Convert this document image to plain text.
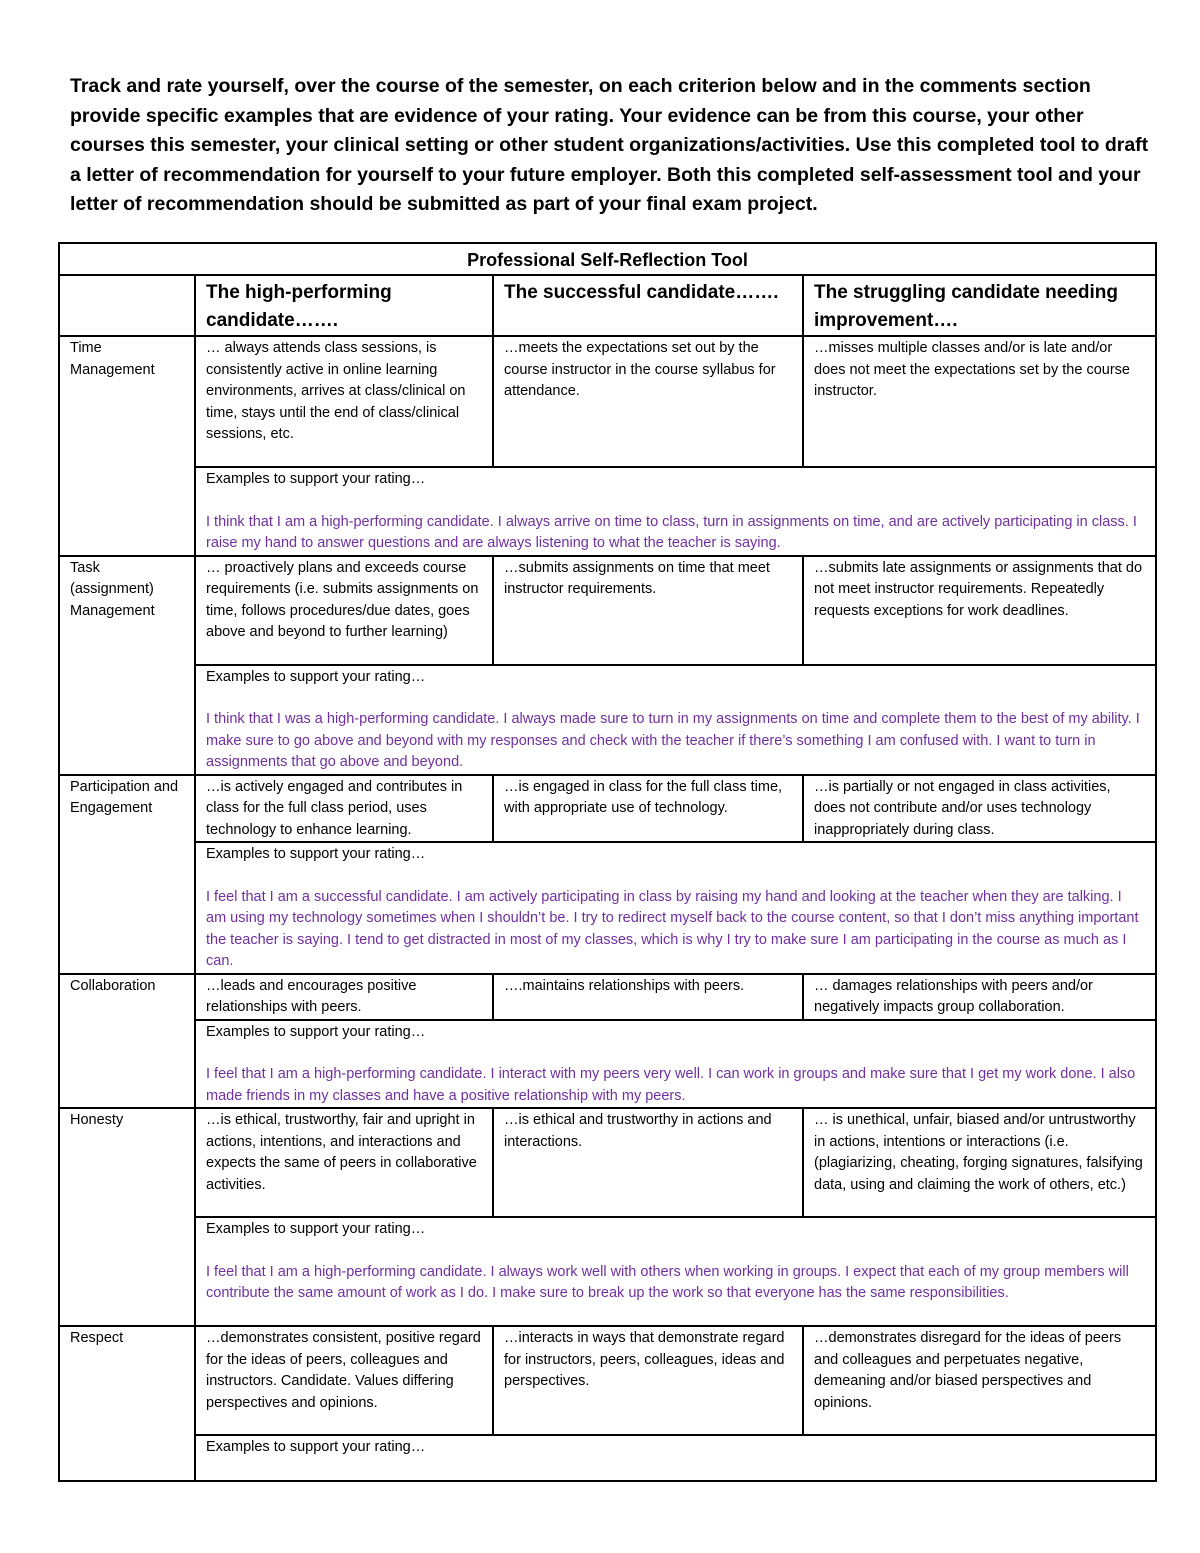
Track and rate yourself, over the course of the semester, on each criterion below and in the comments section provide specific examples that are evidence of your rating. Your evidence can be from this course, your other courses this semester, your clinical setting or other student organizations/activities. Use this completed tool to draft a letter of recommendation for yourself to your future employer. Both this completed self-assessment tool and your letter of recommendation should be submitted as part of your final exam project.

Professional Self-Reflection Tool			
	The high-performing candidate…….	The successful candidate…….	The struggling candidate needing improvement….
Time Management	… always attends class sessions, is consistently active in online learning environments, arrives at class/clinical on time, stays until the end of class/clinical sessions, etc.	…meets the expectations set out by the course instructor in the course syllabus for attendance.	…misses multiple classes and/or is late and/or does not meet the expectations set by the course instructor.

	Examples to support your rating…
I think that I am a high-performing candidate. I always arrive on time to class, turn in assignments on time, and are actively participating in class. I raise my hand to answer questions and are always listening to what the teacher is saying.		

Task (assignment) Management	… proactively plans and exceeds course requirements (i.e. submits assignments on time, follows procedures/due dates, goes above and beyond to further learning)	…submits assignments on time that meet instructor requirements.	…submits late assignments or assignments that do not meet instructor requirements. Repeatedly requests exceptions for work deadlines.

	Examples to support your rating…
I think that I was a high-performing candidate. I always made sure to turn in my assignments on time and complete them to the best of my ability. I make sure to go above and beyond with my responses and check with the teacher if there’s something I am confused with. I want to turn in assignments that go above and beyond.		

Participation and Engagement	…is actively engaged and contributes in class for the full class period, uses technology to enhance learning.	…is engaged in class for the full class time, with appropriate use of technology.	…is partially or not engaged in class activities, does not contribute and/or uses technology inappropriately during class.

	Examples to support your rating…
I feel that I am a successful candidate. I am actively participating in class by raising my hand and looking at the teacher when they are talking. I am using my technology sometimes when I shouldn’t be. I try to redirect myself back to the course content, so that I don’t miss anything important the teacher is saying. I tend to get distracted in most of my classes, which is why I try to make sure I am participating in the course as much as I can.		

Collaboration	…leads and encourages positive relationships with peers.	….maintains relationships with peers.	… damages relationships with peers and/or negatively impacts group collaboration.

	Examples to support your rating…
I feel that I am a high-performing candidate. I interact with my peers very well. I can work in groups and make sure that I get my work done. I also made friends in my classes and have a positive relationship with my peers.		

Honesty	…is ethical, trustworthy, fair and upright in actions, intentions, and interactions and expects the same of peers in collaborative activities.	…is ethical and trustworthy in actions and interactions.	… is unethical, unfair, biased and/or untrustworthy in actions, intentions or interactions (i.e. (plagiarizing, cheating, forging signatures, falsifying data, using and claiming the work of others, etc.)

	Examples to support your rating…
I feel that I am a high-performing candidate. I always work well with others when working in groups. I expect that each of my group members will contribute the same amount of work as I do. I make sure to break up the work so that everyone has the same responsibilities.		

Respect	…demonstrates consistent, positive regard for the ideas of peers, colleagues and instructors. Candidate. Values differing perspectives and opinions.	…interacts in ways that demonstrate regard for instructors, peers, colleagues, ideas and perspectives.	…demonstrates disregard for the ideas of peers and colleagues and perpetuates negative, demeaning and/or biased perspectives and opinions.

	Examples to support your rating…		
